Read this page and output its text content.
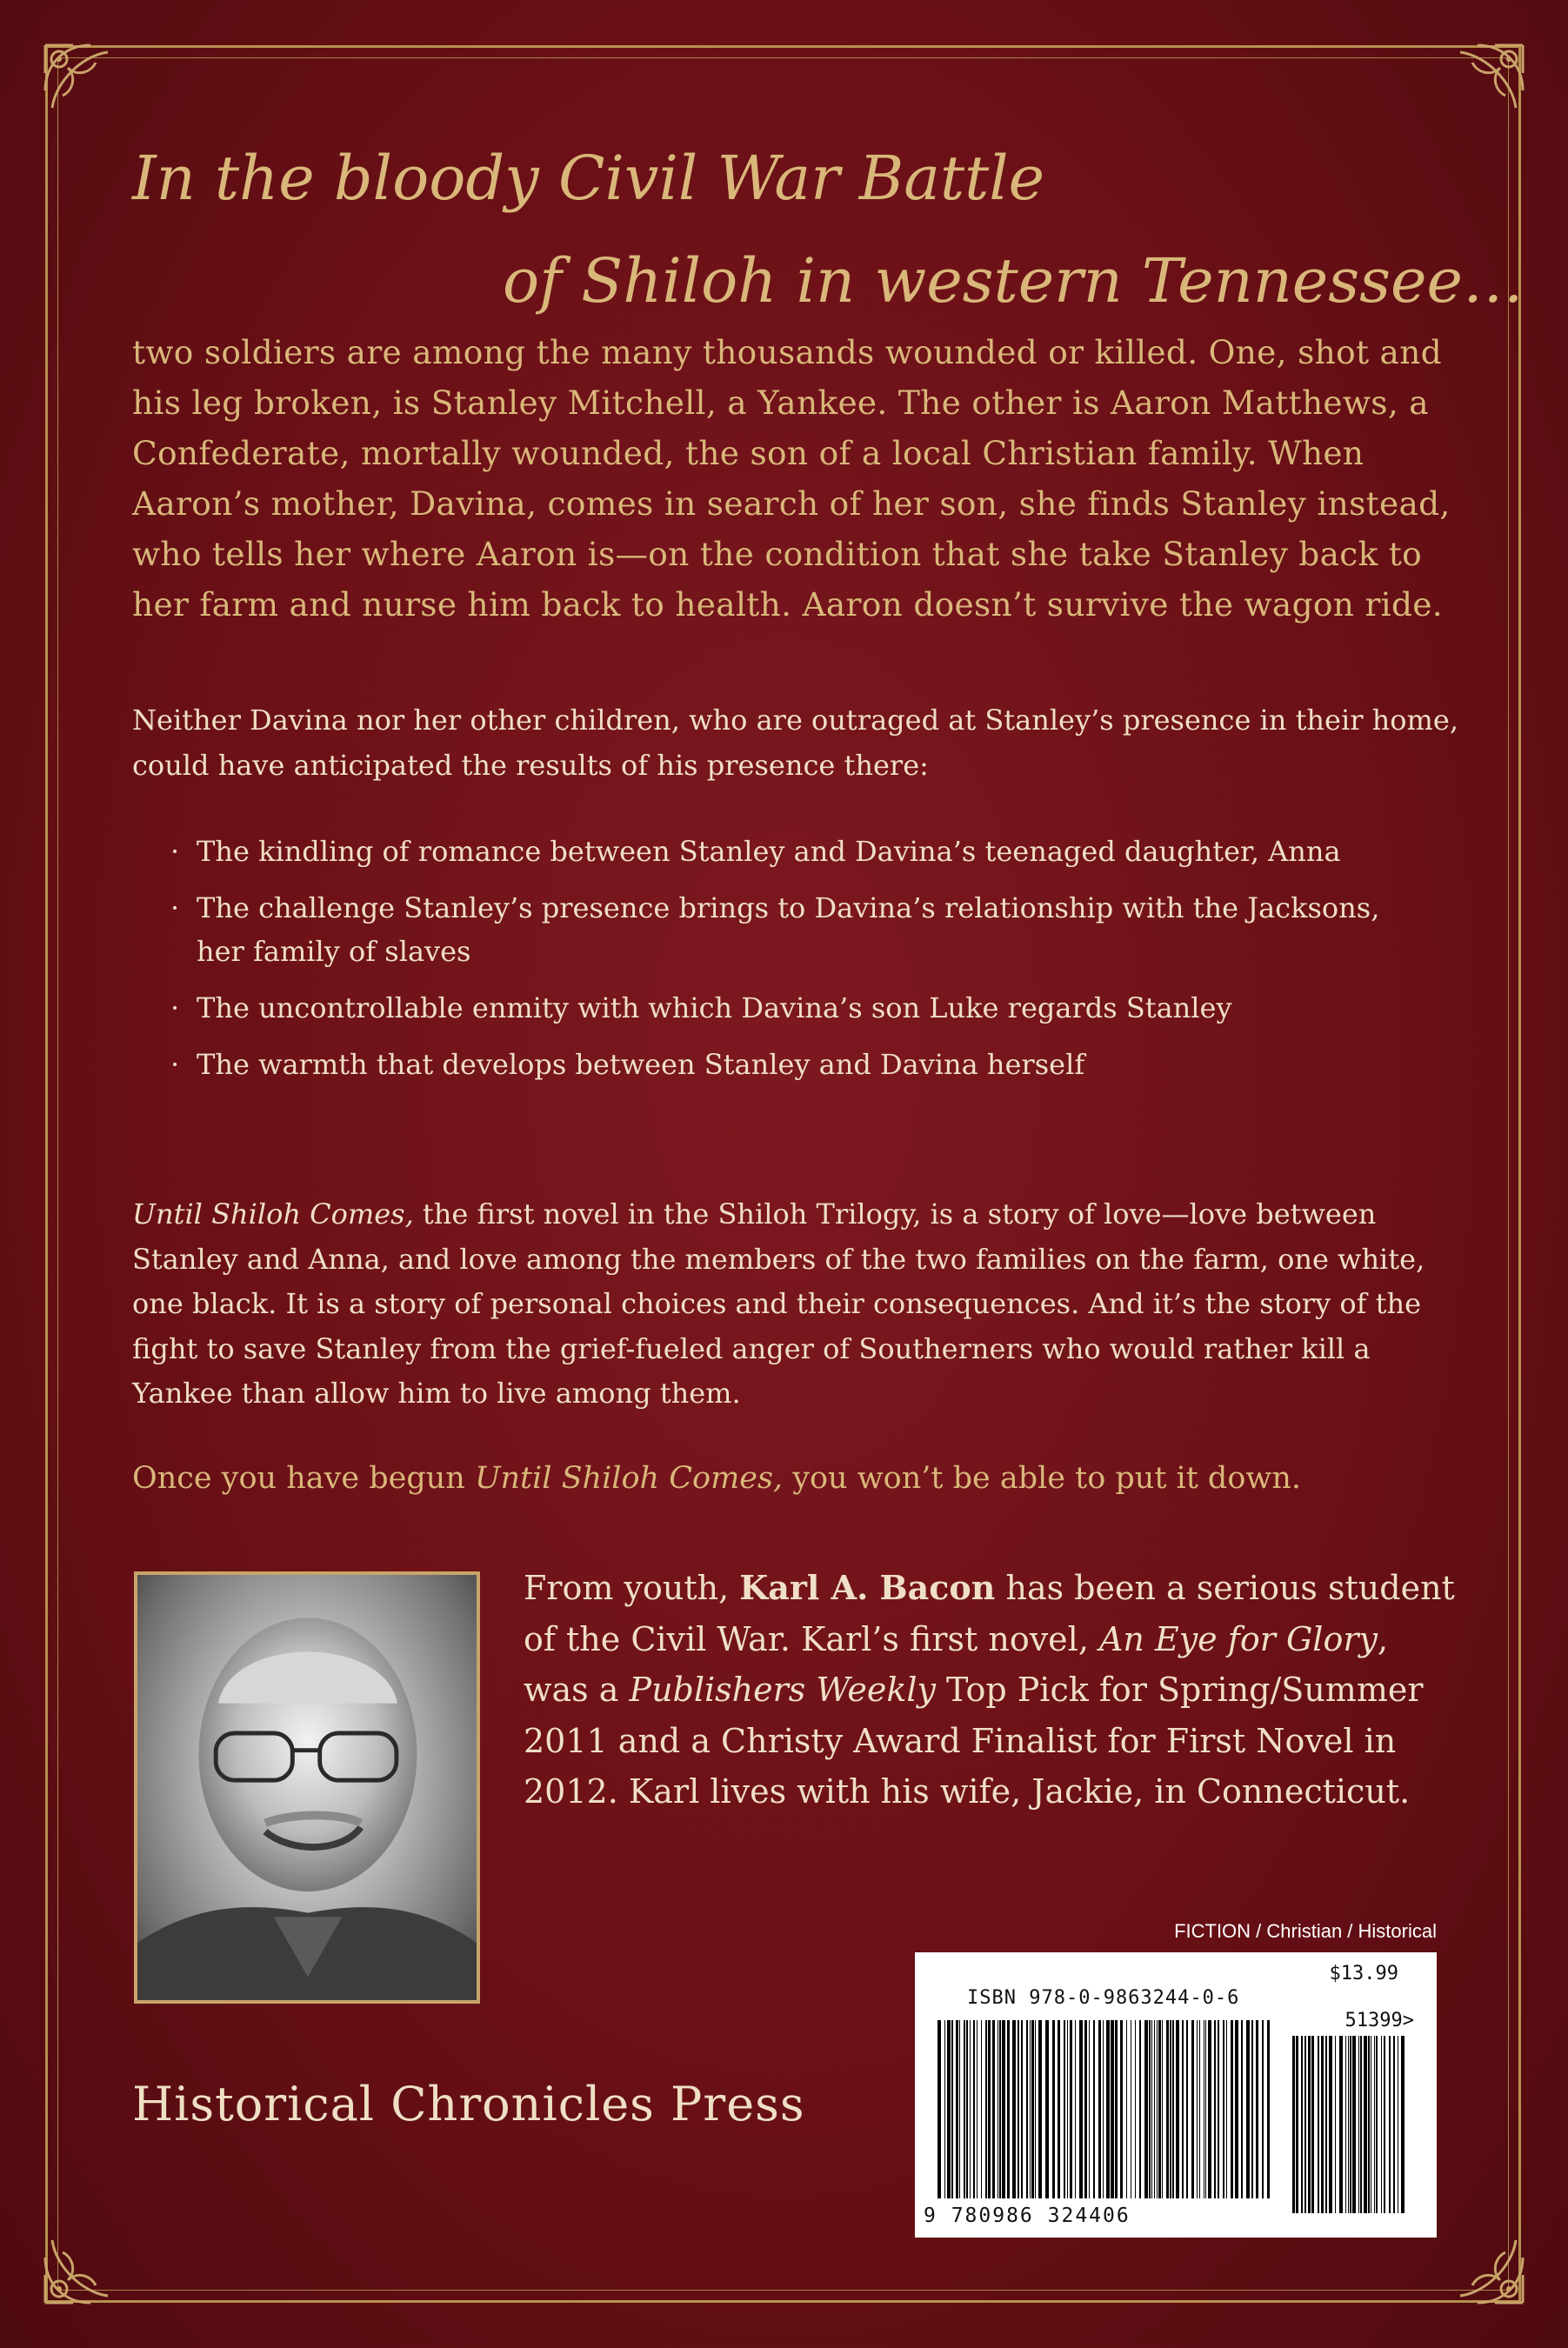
In the bloody Civil War Battle
of Shiloh in western Tennessee…

two soldiers are among the many thousands wounded or killed. One, shot and his leg broken, is Stanley Mitchell, a Yankee. The other is Aaron Matthews, a Confederate, mortally wounded, the son of a local Christian family. When Aaron’s mother, Davina, comes in search of her son, she finds Stanley instead, who tells her where Aaron is—on the condition that she take Stanley back to her farm and nurse him back to health. Aaron doesn’t survive the wagon ride.

Neither Davina nor her other children, who are outraged at Stanley’s presence in their home, could have anticipated the results of his presence there:

· The kindling of romance between Stanley and Davina’s teenaged daughter, Anna
· The challenge Stanley’s presence brings to Davina’s relationship with the Jacksons, her family of slaves
· The uncontrollable enmity with which Davina’s son Luke regards Stanley
· The warmth that develops between Stanley and Davina herself

Until Shiloh Comes, the first novel in the Shiloh Trilogy, is a story of love—love between Stanley and Anna, and love among the members of the two families on the farm, one white, one black. It is a story of personal choices and their consequences. And it’s the story of the fight to save Stanley from the grief-fueled anger of Southerners who would rather kill a Yankee than allow him to live among them.

Once you have begun Until Shiloh Comes, you won’t be able to put it down.

From youth, Karl A. Bacon has been a serious student of the Civil War. Karl’s first novel, An Eye for Glory, was a Publishers Weekly Top Pick for Spring/Summer 2011 and a Christy Award Finalist for First Novel in 2012. Karl lives with his wife, Jackie, in Connecticut.

FICTION / Christian / Historical
$13.99
ISBN 978-0-9863244-0-6
51399>
9 780986 324406
Historical Chronicles Press
